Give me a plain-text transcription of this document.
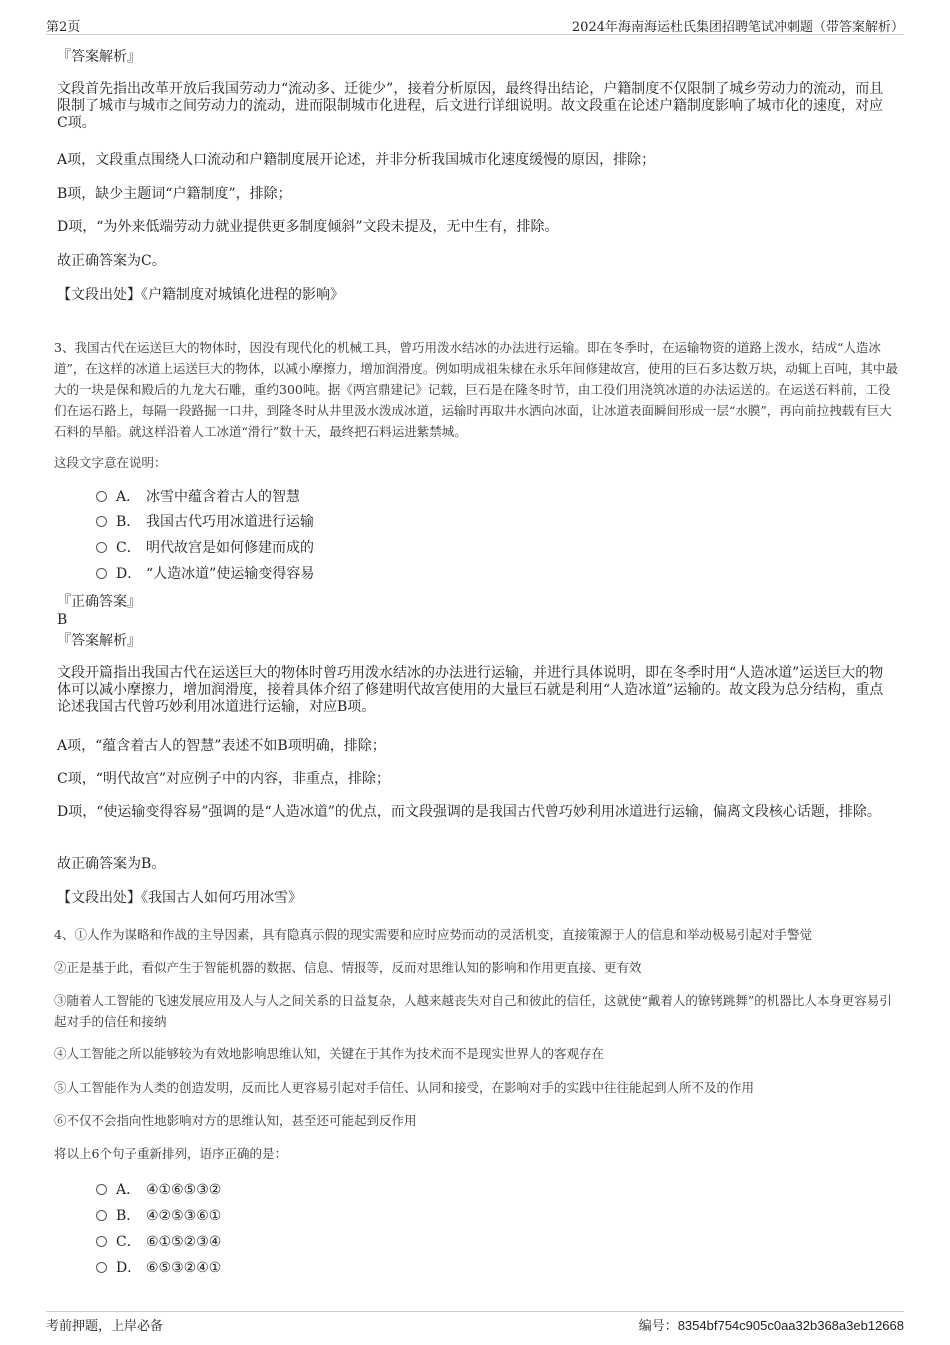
第2页	2024年海南海运杜氏集团招聘笔试冲刺题（带答案解析）

『答案解析』

文段首先指出改革开放后我国劳动力“流动多、迁徙少”，接着分析原因，最终得出结论，户籍制度不仅限制了城乡劳动力的流动，而且限制了城市与城市之间劳动力的流动，进而限制城市化进程，后文进行详细说明。故文段重在论述户籍制度影响了城市化的速度，对应C项。

A项，文段重点围绕人口流动和户籍制度展开论述，并非分析我国城市化速度缓慢的原因，排除；

B项，缺少主题词“户籍制度”，排除；

D项，“为外来低端劳动力就业提供更多制度倾斜”文段未提及，无中生有，排除。

故正确答案为C。

【文段出处】《户籍制度对城镇化进程的影响》

3、我国古代在运送巨大的物体时，因没有现代化的机械工具，曾巧用泼水结冰的办法进行运输。即在冬季时，在运输物资的道路上泼水，结成“人造冰道”，在这样的冰道上运送巨大的物体，以减小摩擦力，增加润滑度。例如明成祖朱棣在永乐年间修建故宫，使用的巨石多达数万块，动辄上百吨，其中最大的一块是保和殿后的九龙大石雕，重约300吨。据《两宫鼎建记》记载，巨石是在隆冬时节，由工役们用浇筑冰道的办法运送的。在运送石料前，工役们在运石路上，每隔一段路掘一口井，到隆冬时从井里汲水泼成冰道，运输时再取井水洒向冰面，让冰道表面瞬间形成一层“水膜”，再向前拉拽载有巨大石料的旱船。就这样沿着人工冰道“滑行”数十天，最终把石料运进紫禁城。

这段文字意在说明：

A． 冰雪中蕴含着古人的智慧
B． 我国古代巧用冰道进行运输
C． 明代故宫是如何修建而成的
D． “人造冰道”使运输变得容易

『正确答案』

B

『答案解析』

文段开篇指出我国古代在运送巨大的物体时曾巧用泼水结冰的办法进行运输，并进行具体说明，即在冬季时用“人造冰道”运送巨大的物体可以减小摩擦力，增加润滑度，接着具体介绍了修建明代故宫使用的大量巨石就是利用“人造冰道”运输的。故文段为总分结构，重点论述我国古代曾巧妙利用冰道进行运输，对应B项。

A项，“蕴含着古人的智慧”表述不如B项明确，排除；

C项，“明代故宫”对应例子中的内容，非重点，排除；

D项，“使运输变得容易”强调的是“人造冰道”的优点，而文段强调的是我国古代曾巧妙利用冰道进行运输，偏离文段核心话题，排除。

故正确答案为B。

【文段出处】《我国古人如何巧用冰雪》

4、①人作为谋略和作战的主导因素，具有隐真示假的现实需要和应时应势而动的灵活机变，直接策源于人的信息和举动极易引起对手警觉

②正是基于此，看似产生于智能机器的数据、信息、情报等，反而对思维认知的影响和作用更直接、更有效

③随着人工智能的飞速发展应用及人与人之间关系的日益复杂，人越来越丧失对自己和彼此的信任，这就使“戴着人的镣铐跳舞”的机器比人本身更容易引起对手的信任和接纳

④人工智能之所以能够较为有效地影响思维认知，关键在于其作为技术而不是现实世界人的客观存在

⑤人工智能作为人类的创造发明，反而比人更容易引起对手信任、认同和接受，在影响对手的实践中往往能起到人所不及的作用

⑥不仅不会指向性地影响对方的思维认知，甚至还可能起到反作用

将以上6个句子重新排列，语序正确的是：

A． ④①⑥⑤③②
B． ④②⑤③⑥①
C． ⑥①⑤②③④
D． ⑥⑤③②④①
考前押题，上岸必备	编号：8354bf754c905c0aa32b368a3eb12668
